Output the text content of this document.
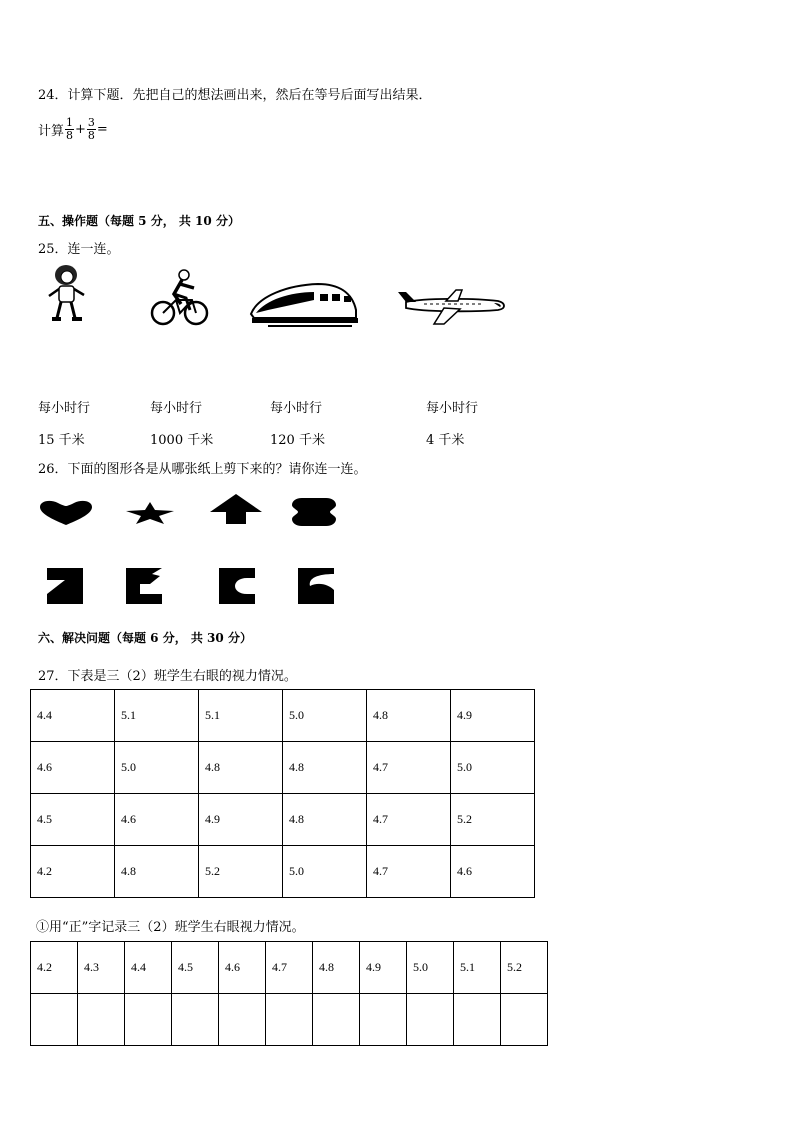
24．计算下题．先把自己的想法画出来，然后在等号后面写出结果．
计算 $\frac{1}{8} + \frac{3}{8}$ =
五、操作题（每题 5 分， 共 10 分）
25．连一连。
每小时行	每小时行	每小时行	每小时行
15 千米	1000 千米	120 千米	4 千米
26．下面的图形各是从哪张纸上剪下来的？请你连一连。
六、解决问题（每题 6 分， 共 30 分）
27．下表是三（2）班学生右眼的视力情况。
4.4	5.1	5.1	5.0	4.8	4.9
4.6	5.0	4.8	4.8	4.7	5.0
4.5	4.6	4.9	4.8	4.7	5.2
4.2	4.8	5.2	5.0	4.7	4.6
①用“正”字记录三（2）班学生右眼视力情况。
4.2	4.3	4.4	4.5	4.6	4.7	4.8	4.9	5.0	5.1	5.2
